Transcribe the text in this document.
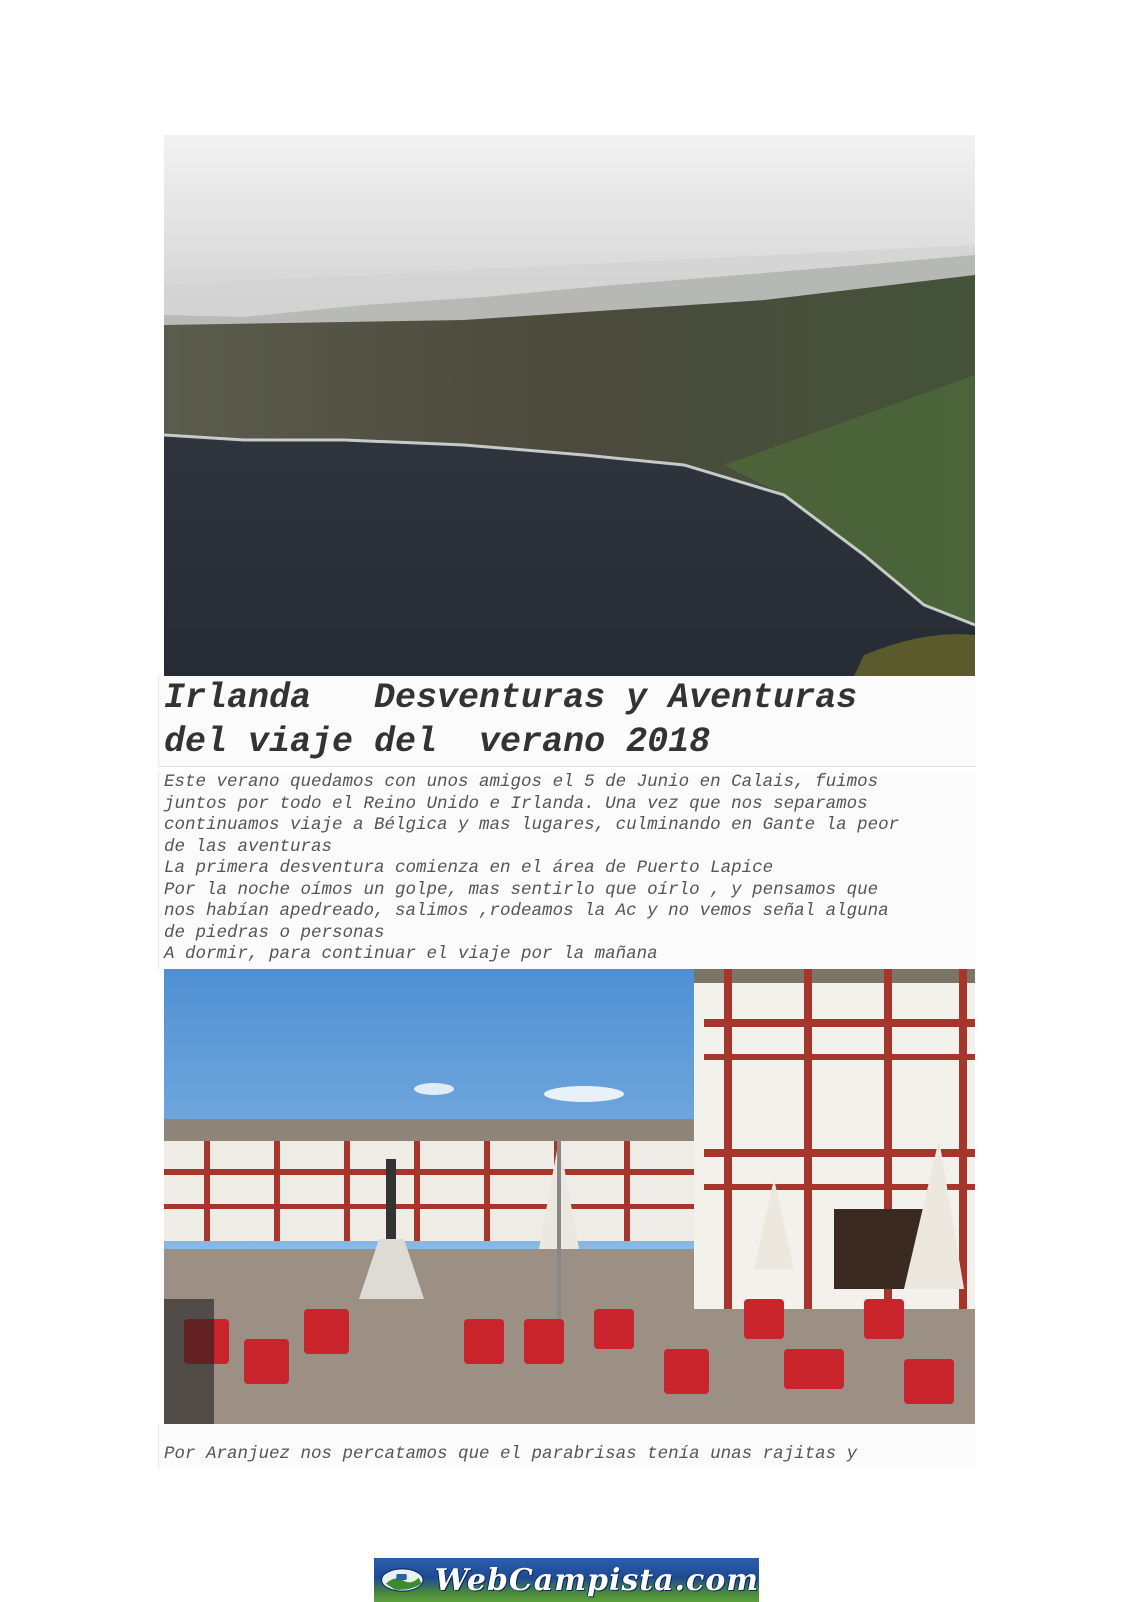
Irlanda   Desventuras y Aventuras
del viaje del  verano 2018

Este verano quedamos con unos amigos el 5 de Junio en Calais, fuimos

juntos por todo el Reino Unido e Irlanda. Una vez que nos separamos

continuamos viaje a Bélgica y mas lugares, culminando en Gante la peor

de las aventuras

La primera desventura comienza en el área de Puerto Lapice

Por la noche oímos un golpe, mas sentirlo que oírlo , y pensamos que

nos habían apedreado, salimos ,rodeamos la Ac y no vemos señal alguna

de piedras o personas

A dormir, para continuar el viaje por la mañana

Por Aranjuez nos percatamos que el parabrisas tenía unas rajitas y

WebCampista.com
